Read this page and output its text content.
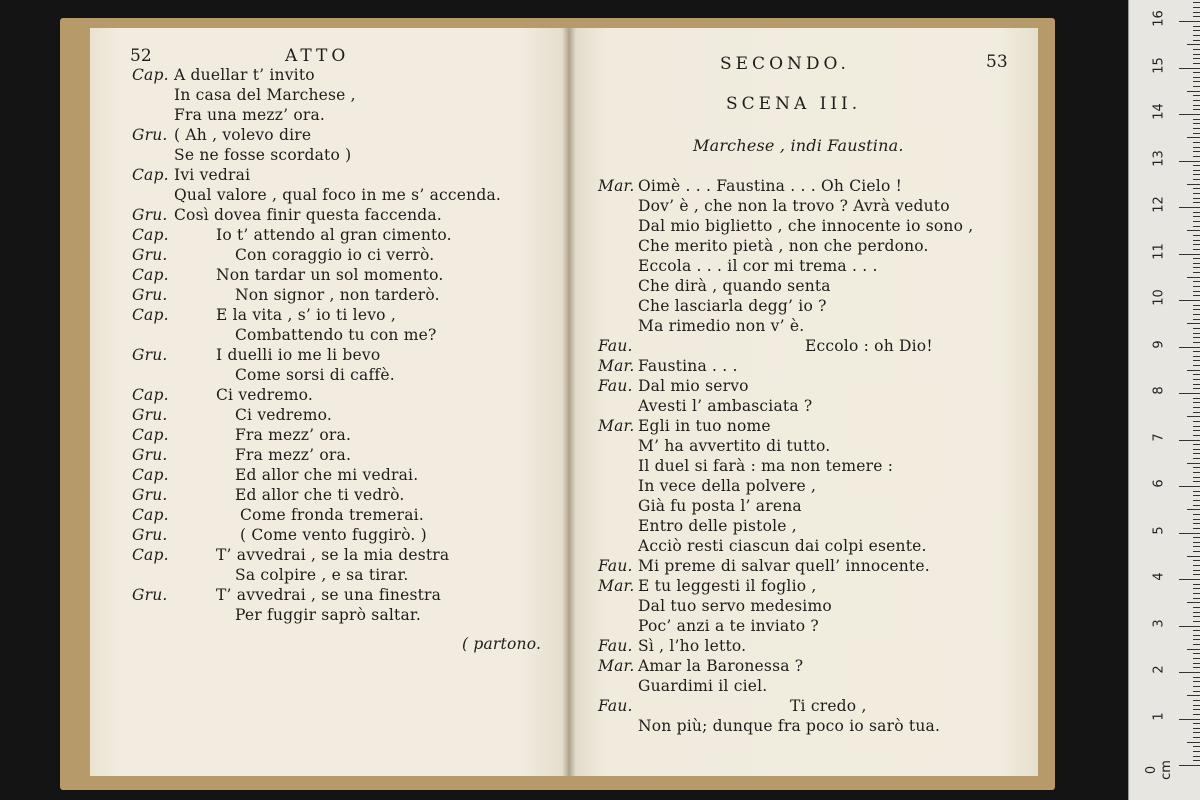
52	ATTO
Cap. A duellar t’ invito
In casa del Marchese ,
Fra una mezz’ ora.
Gru. ( Ah , volevo dire
Se ne fosse scordato )
Cap. Ivi vedrai
Qual valore , qual foco in me s’ accenda.
Gru. Così dovea finir questa faccenda.
Cap.	Io t’ attendo al gran cimento.
Gru.	Con coraggio io ci verrò.
Cap.	Non tardar un sol momento.
Gru.	Non signor , non tarderò.
Cap.	E la vita , s’ io ti levo ,
Combattendo tu con me?
Gru.	I duelli io me li bevo
Come sorsi di caffè.
Cap.	Ci vedremo.
Gru.	Ci vedremo.
Cap.	Fra mezz’ ora.
Gru.	Fra mezz’ ora.
Cap.	Ed allor che mi vedrai.
Gru.	Ed allor che ti vedrò.
Cap.	Come fronda tremerai.
Gru.	( Come vento fuggirò. )
Cap.	T’ avvedrai , se la mia destra
Sa colpire , e sa tirar.
Gru.	T’ avvedrai , se una finestra
Per fuggir saprò saltar.
( partono.
SECONDO.	53
SCENA III.
Marchese , indi Faustina.
Mar. Oimè . . . Faustina . . . Oh Cielo !
Dov’ è , che non la trovo ? Avrà veduto
Dal mio biglietto , che innocente io sono ,
Che merito pietà , non che perdono.
Eccola . . . il cor mi trema . . .
Che dirà , quando senta
Che lasciarla degg’ io ?
Ma rimedio non v’ è.
Fau.	Eccolo : oh Dio!
Mar. Faustina . . .
Fau. Dal mio servo
Avesti l’ ambasciata ?
Mar. Egli in tuo nome
M’ ha avvertito di tutto.
Il duel si farà : ma non temere :
In vece della polvere ,
Già fu posta l’ arena
Entro delle pistole ,
Acciò resti ciascun dai colpi esente.
Fau. Mi preme di salvar quell’ innocente.
Mar. E tu leggesti il foglio ,
Dal tuo servo medesimo
Poc’ anzi a te inviato ?
Fau. Sì , l’ho letto.
Mar. Amar la Baronessa ?
Guardimi il ciel.
Fau.	Ti credo ,
Non più; dunque fra poco io sarò tua.
0 cm
1
2
3
4
5
6
7
8
9
10
11
12
13
14
15
16
